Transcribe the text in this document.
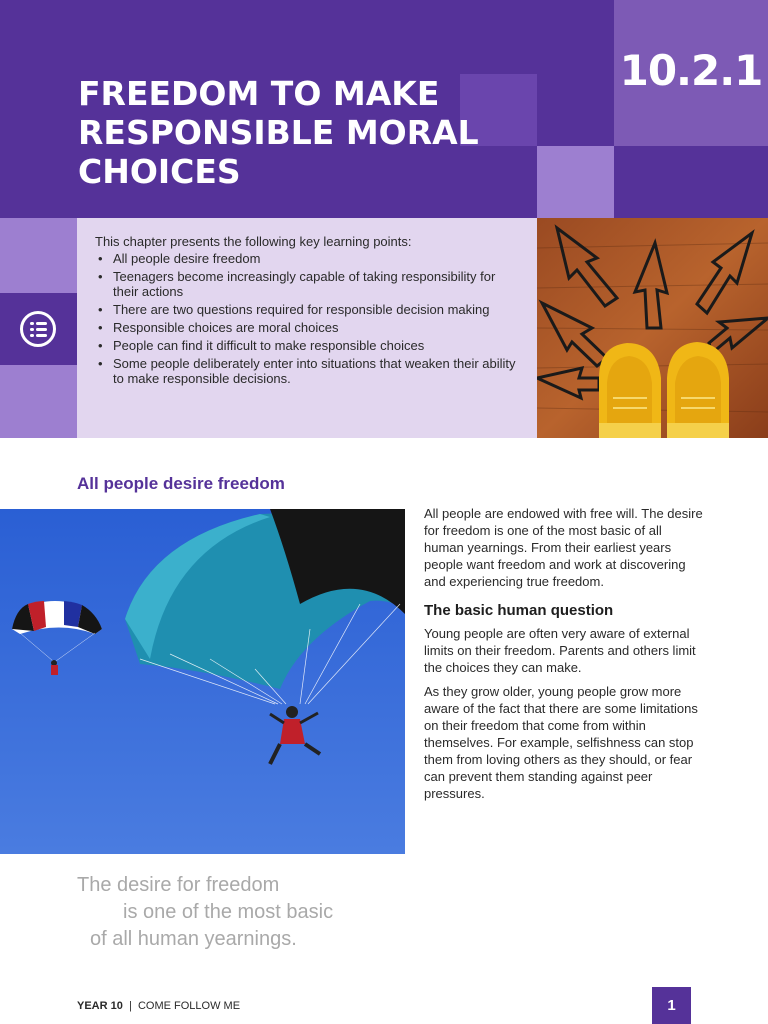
10.2.1
FREEDOM TO MAKE RESPONSIBLE MORAL CHOICES

This chapter presents the following key learning points:

• All people desire freedom
• Teenagers become increasingly capable of taking responsibility for their actions
• There are two questions required for responsible decision making
• Responsible choices are moral choices
• People can find it difficult to make responsible choices
• Some people deliberately enter into situations that weaken their ability to make responsible decisions.
All people desire freedom

All people are endowed with free will. The desire for freedom is one of the most basic of all human yearnings. From their earliest years people want freedom and work at discovering and experiencing true freedom.

The basic human question

Young people are often very aware of external limits on their freedom. Parents and others limit the choices they can make.

As they grow older, young people grow more aware of the fact that there are some limitations on their freedom that come from within themselves. For example, selfishness can stop them from loving others as they should, or fear can prevent them standing against peer pressures.

The desire for freedom
is one of the most basic
of all human yearnings.
YEAR 10 | COME FOLLOW ME	1
